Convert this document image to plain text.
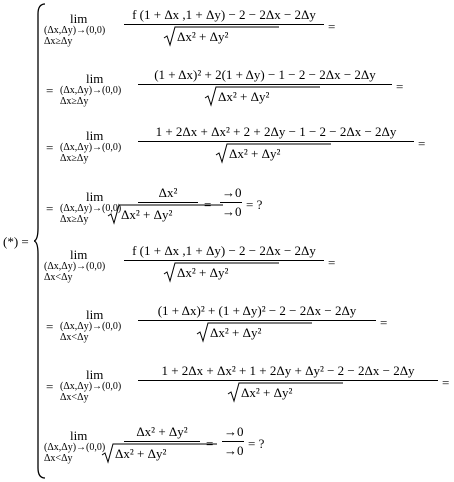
(*) =
lim
(Δx,Δy)→(0,0)
Δx≥Δy
f (1 + Δx ,1 + Δy) − 2 − 2Δx − 2Δy
Δx² + Δy²
=
=
lim
(Δx,Δy)→(0,0)
Δx≥Δy
(1 + Δx)² + 2(1 + Δy) − 1 − 2 − 2Δx − 2Δy
Δx² + Δy²
=
=
lim
(Δx,Δy)→(0,0)
Δx≥Δy
1 + 2Δx + Δx² + 2 + 2Δy − 1 − 2 − 2Δx − 2Δy
Δx² + Δy²
=
=
lim
(Δx,Δy)→(0,0)
Δx≥Δy
Δx²
Δx² + Δy²
=
→0
→0 = ?
lim
(Δx,Δy)→(0,0)
Δx<Δy
f (1 + Δx ,1 + Δy) − 2 − 2Δx − 2Δy
Δx² + Δy²
=
=
lim
(Δx,Δy)→(0,0)
Δx<Δy
(1 + Δx)² + (1 + Δy)² − 2 − 2Δx − 2Δy
Δx² + Δy²
=
=
lim
(Δx,Δy)→(0,0)
Δx<Δy
1 + 2Δx + Δx² + 1 + 2Δy + Δy² − 2 − 2Δx − 2Δy
Δx² + Δy²
=
lim
(Δx,Δy)→(0,0)
Δx<Δy
Δx² + Δy²
Δx² + Δy²
=
→0
→0 = ?
